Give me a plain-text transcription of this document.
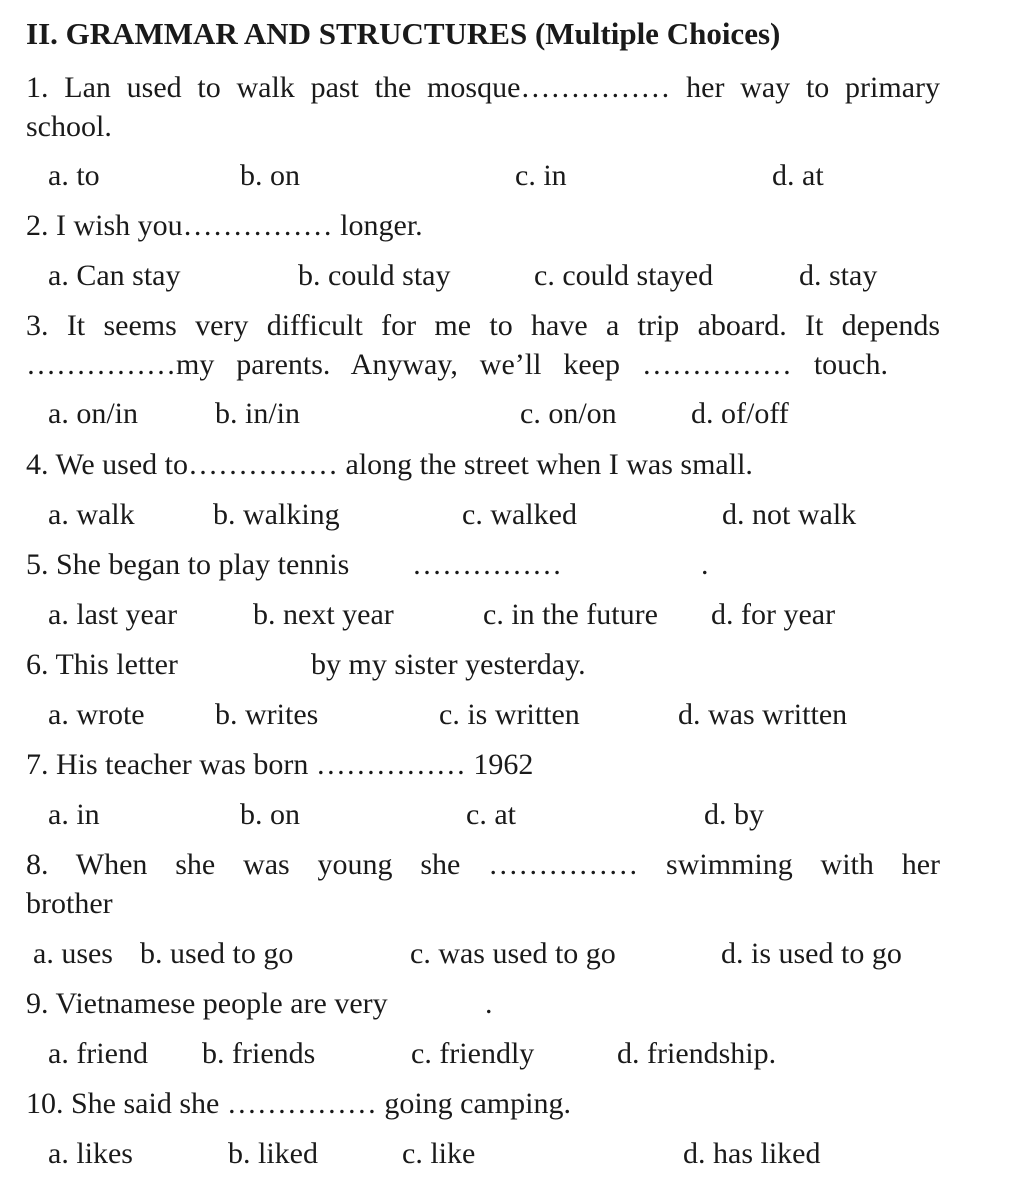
II. GRAMMAR AND STRUCTURES (Multiple Choices)
1. Lan used to walk past the mosque…………… her way to primary
school.
a. to	b. on	c. in	d. at
2. I wish you…………… longer.
a. Can stay	b. could stay	c. could stayed	d. stay
3. It seems very difficult for me to have a trip aboard. It depends
……………my parents. Anyway, we’ll keep …………… touch.
a. on/in	b. in/in	c. on/on d. of/off
4. We used to…………… along the street when I was small.
a. walk	b. walking	c. walked	d. not walk
5. She began to play tennis ……………	.
a. last year	b. next year	c. in the future d. for year
6. This letter	by my sister yesterday.
a. wrote b. writes	c. is written	d. was written
7. His teacher was born …………… 1962
a. in	b. on	c. at	d. by
8. When she was young she …………… swimming with her
brother
a. uses b. used to go	c. was used to go	d. is used to go
9. Vietnamese people are very	.
a. friend b. friends	c. friendly	d. friendship.
10. She said she …………… going camping.
a. likes	b. liked	c. like	d. has liked
